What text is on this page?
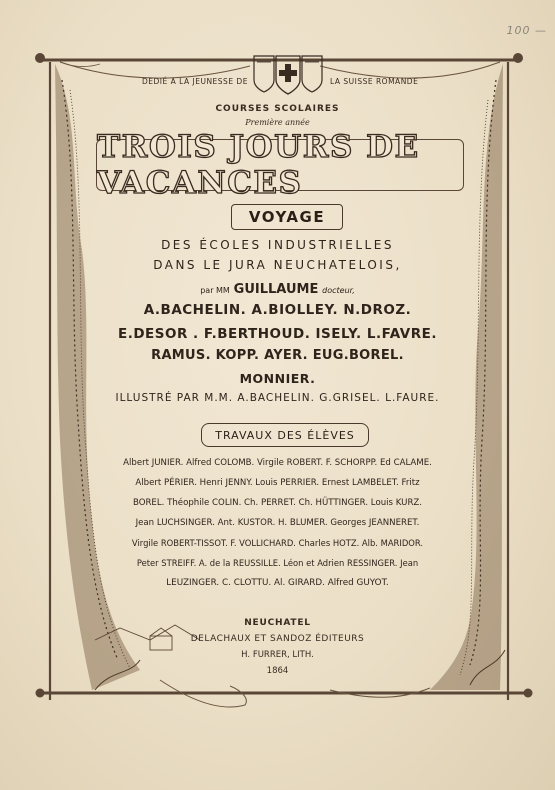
100 —
DEDIÉ A LA JEUNESSE DE	LA SUISSE ROMANDE
COURSES SCOLAIRES
Première année
TROIS JOURS DE VACANCES
VOYAGE
DES ÉCOLES INDUSTRIELLES
DANS LE JURA NEUCHATELOIS,
par MM GUILLAUME docteur,
A.BACHELIN. A.BIOLLEY. N.DROZ.
E.DESOR . F.BERTHOUD. ISELY. L.FAVRE.
RAMUS. KOPP. AYER. EUG.BOREL.
MONNIER.
ILLUSTRÉ PAR M.M. A.BACHELIN. G.GRISEL. L.FAURE.
TRAVAUX DES ÉLÈVES
Albert JUNIER. Alfred COLOMB. Virgile ROBERT. F. SCHORPP. Ed CALAME.
Albert PÉRIER. Henri JENNY. Louis PERRIER. Ernest LAMBELET. Fritz
BOREL. Théophile COLIN. Ch. PERRET. Ch. HÜTTINGER. Louis KURZ.
Jean LUCHSINGER. Ant. KUSTOR. H. BLUMER. Georges JEANNERET.
Virgile ROBERT-TISSOT. F. VOLLICHARD. Charles HOTZ. Alb. MARIDOR.
Peter STREIFF. A. de la REUSSILLE. Léon et Adrien RESSINGER. Jean
LEUZINGER. C. CLOTTU. Al. GIRARD. Alfred GUYOT.
NEUCHATEL
DELACHAUX ET SANDOZ ÉDITEURS
H. FURRER, LITH.
1864
